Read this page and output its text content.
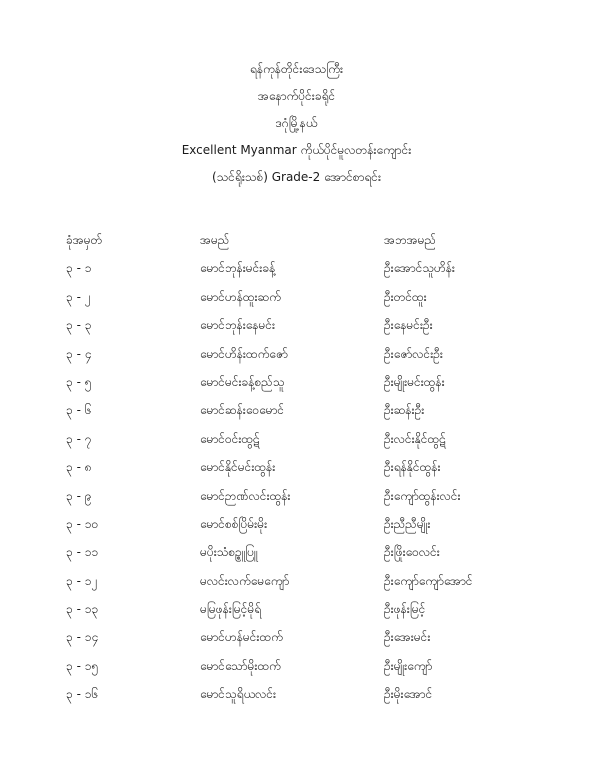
ရန်ကုန်တိုင်းဒေသကြီး
အနောက်ပိုင်းခရိုင်
ဒဂုံမြို့နယ်
Excellent Myanmar ကိုယ်ပိုင်မူလတန်းကျောင်း
(သင်ရိုးသစ်) Grade-2 အောင်စာရင်း
ခုံအမှတ်	အမည်	အဘအမည်
၃ - ၁	မောင်ဘုန်းမင်းခန့်	ဦးအောင်သူဟိန်း
၃ - ၂	မောင်ဟန်ထူးဆက်	ဦးတင်ထူး
၃ - ၃	မောင်ဘုန်းနေမင်း	ဦးနေမင်းဦး
၃ - ၄	မောင်ဟိန်းထက်ဇော်	ဦးဇော်လင်းဦး
၃ - ၅	မောင်မင်းခန့်စည်သူ	ဦးမျိုးမင်းထွန်း
၃ - ၆	မောင်ဆန်းဝေမောင်	ဦးဆန်းဦး
၃ - ၇	မောင်ဝင်းထွဋ်	ဦးလင်းနိုင်ထွဋ်
၃ - ၈	မောင်နိုင်မင်းထွန်း	ဦးရန်နိုင်ထွန်း
၃ - ၉	မောင်ဉာဏ်လင်းထွန်း	ဦးကျော်ထွန်းလင်း
၃ - ၁၀	မောင်စစ်ပြိမ်းမိုး	ဦးညီညီမျိုး
၃ - ၁၁	မပိုးသံစဥ္စူပြူ	ဦးဖြိုးဝေလင်း
၃ - ၁၂	မလင်းလက်မေကျော်	ဦးကျော်ကျော်အောင်
၃ - ၁၃	မမြဖုန်းမြင့်မိုရ်	ဦးဖုန်းမြင့်
၃ - ၁၄	မောင်ဟန်မင်းထက်	ဦးအေးမင်း
၃ - ၁၅	မောင်သော်မိုးထက်	ဦးမျိုးကျော်
၃ - ၁၆	မောင်သူရိယလင်း	ဦးမိုးအောင်
